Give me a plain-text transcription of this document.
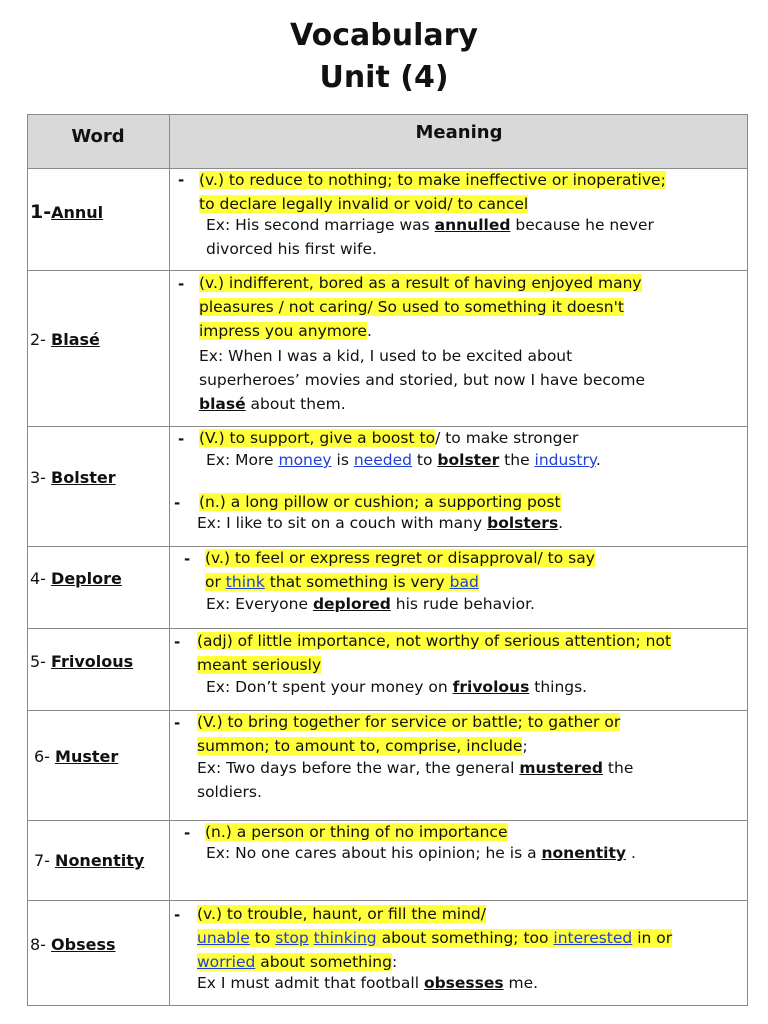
Vocabulary
Unit (4)
Word	Meaning
1-Annul
- (v.) to reduce to nothing; to make ineffective or inoperative;
to declare legally invalid or void/ to cancel
Ex: His second marriage was annulled because he never
divorced his first wife.
2- Blasé
- (v.) indifferent, bored as a result of having enjoyed many
pleasures / not caring/ So used to something it doesn't
impress you anymore.
Ex: When I was a kid, I used to be excited about
superheroes’ movies and storied, but now I have become
blasé about them.
3- Bolster
- (V.) to support, give a boost to/ to make stronger
Ex: More money is needed to bolster the industry.
- (n.) a long pillow or cushion; a supporting post
Ex: I like to sit on a couch with many bolsters.
4- Deplore
- (v.) to feel or express regret or disapproval/ to say
or think that something is very bad
Ex: Everyone deplored his rude behavior.
5- Frivolous
- (adj) of little importance, not worthy of serious attention; not
meant seriously
Ex: Don’t spent your money on frivolous things.
6- Muster
- (V.) to bring together for service or battle; to gather or
summon; to amount to, comprise, include;
Ex: Two days before the war, the general mustered the
soldiers.
7- Nonentity
- (n.) a person or thing of no importance
Ex: No one cares about his opinion; he is a nonentity .
8- Obsess
- (v.) to trouble, haunt, or fill the mind/
unable to stop thinking about something; too interested in or
worried about something:
Ex I must admit that football obsesses me.
